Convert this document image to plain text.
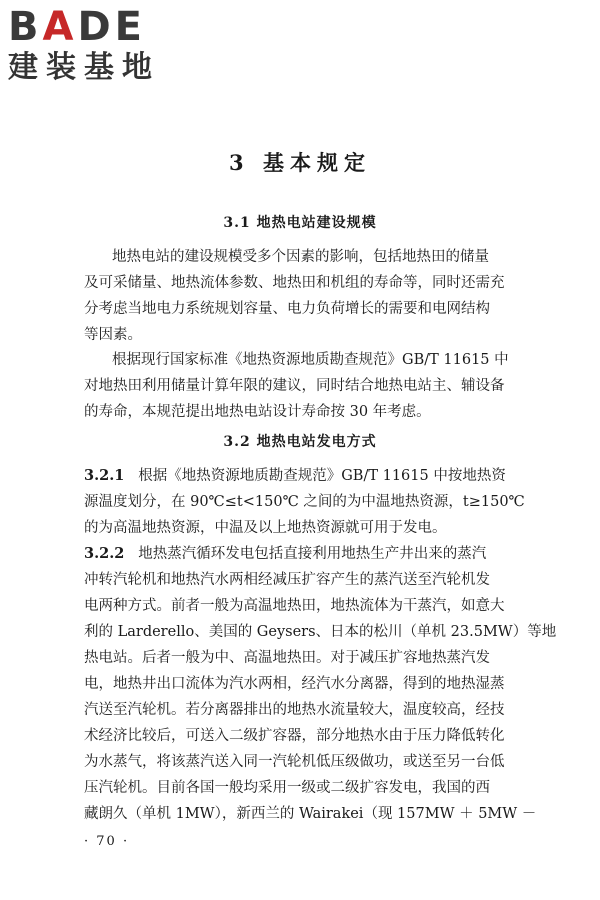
BADE
建装基地
3 基本规定
3.1 地热电站建设规模

地热电站的建设规模受多个因素的影响，包括地热田的储量
及可采储量、地热流体参数、地热田和机组的寿命等，同时还需充
分考虑当地电力系统规划容量、电力负荷增长的需要和电网结构
等因素。

根据现行国家标准《地热资源地质勘查规范》GB/T 11615 中
对地热田利用储量计算年限的建议，同时结合地热电站主、辅设备
的寿命，本规范提出地热电站设计寿命按 30 年考虑。

3.2 地热电站发电方式

3.2.1 根据《地热资源地质勘查规范》GB/T 11615 中按地热资
源温度划分，在 90℃≤t<150℃ 之间的为中温地热资源，t≥150℃
的为高温地热资源，中温及以上地热资源就可用于发电。

3.2.2 地热蒸汽循环发电包括直接利用地热生产井出来的蒸汽
冲转汽轮机和地热汽水两相经减压扩容产生的蒸汽送至汽轮机发
电两种方式。前者一般为高温地热田，地热流体为干蒸汽，如意大
利的 Larderello、美国的 Geysers、日本的松川（单机 23.5MW）等地
热电站。后者一般为中、高温地热田。对于减压扩容地热蒸汽发
电，地热井出口流体为汽水两相，经汽水分离器，得到的地热湿蒸
汽送至汽轮机。若分离器排出的地热水流量较大，温度较高，经技
术经济比较后，可送入二级扩容器，部分地热水由于压力降低转化
为水蒸气，将该蒸汽送入同一汽轮机低压级做功，或送至另一台低
压汽轮机。目前各国一般均采用一级或二级扩容发电，我国的西
藏朗久（单机 1MW），新西兰的 Wairakei（现 157MW ＋ 5MW －

· 70 ·
